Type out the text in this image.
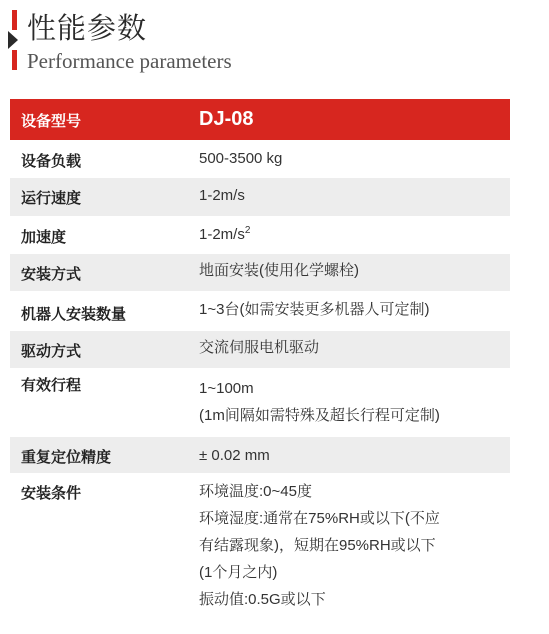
性能参数
Performance parameters
设备型号	DJ-08
设备负载	500-3500 kg
运行速度	1-2m/s
加速度	$1-2m/s^2$
安装方式	地面安装(使用化学螺栓)
机器人安装数量	1~3台(如需安装更多机器人可定制)
驱动方式	交流伺服电机驱动
有效行程	1~100m
(1m间隔如需特殊及超长行程可定制)
重复定位精度	± 0.02 mm
安装条件	环境温度:0~45度
环境湿度:通常在75%RH或以下(不应
有结露现象)，短期在95%RH或以下
(1个月之内)
振动值:0.5G或以下
